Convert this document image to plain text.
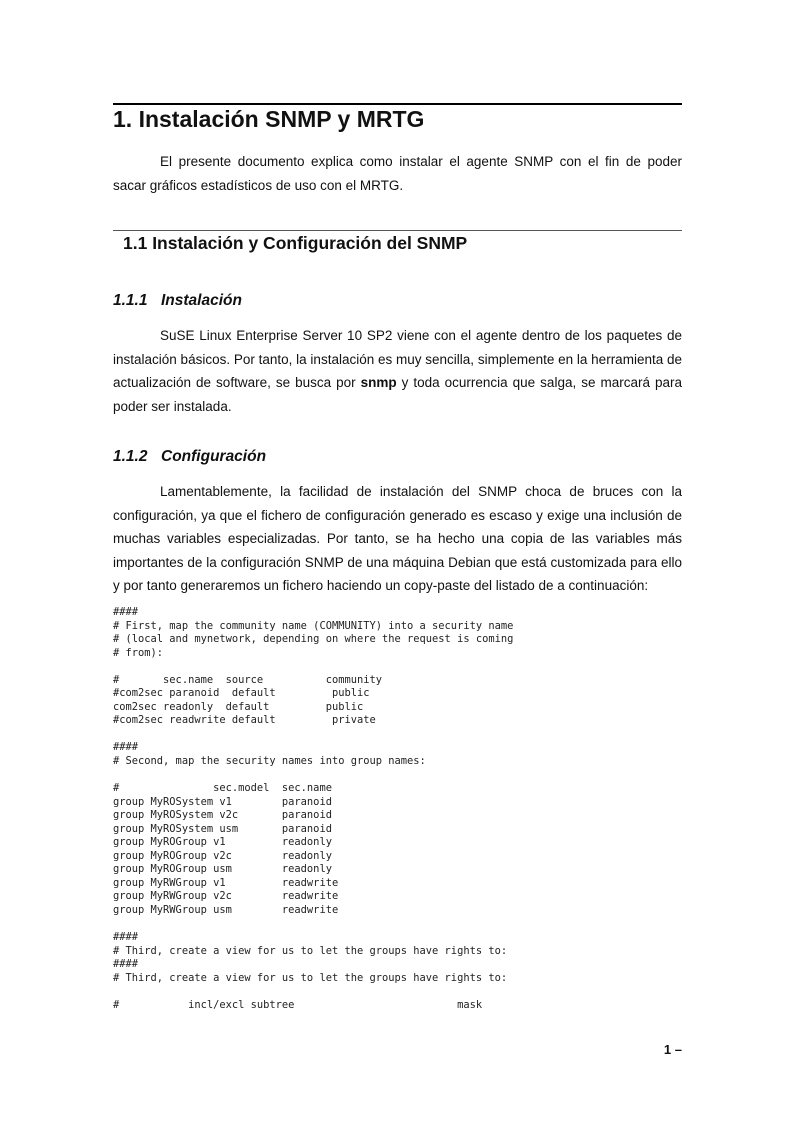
1. Instalación SNMP y MRTG

El presente documento explica como instalar el agente SNMP con el fin de poder sacar gráficos estadísticos de uso con el MRTG.

1.1 Instalación y Configuración del SNMP
1.1.1 Instalación

SuSE Linux Enterprise Server 10 SP2 viene con el agente dentro de los paquetes de instalación básicos. Por tanto, la instalación es muy sencilla, simplemente en la herramienta de actualización de software, se busca por snmp y toda ocurrencia que salga, se marcará para poder ser instalada.

1.1.2 Configuración

Lamentablemente, la facilidad de instalación del SNMP choca de bruces con la configuración, ya que el fichero de configuración generado es escaso y exige una inclusión de muchas variables especializadas. Por tanto, se ha hecho una copia de las variables más importantes de la configuración SNMP de una máquina Debian que está customizada para ello y por tanto generaremos un fichero haciendo un copy-paste del listado de a continuación:

####
# First, map the community name (COMMUNITY) into a security name
# (local and mynetwork, depending on where the request is coming
# from):

#       sec.name  source          community
#com2sec paranoid  default         public
com2sec readonly  default         public
#com2sec readwrite default         private

####
# Second, map the security names into group names:

#               sec.model  sec.name
group MyROSystem v1        paranoid
group MyROSystem v2c       paranoid
group MyROSystem usm       paranoid
group MyROGroup v1         readonly
group MyROGroup v2c        readonly
group MyROGroup usm        readonly
group MyRWGroup v1         readwrite
group MyRWGroup v2c        readwrite
group MyRWGroup usm        readwrite

####
# Third, create a view for us to let the groups have rights to:
####
# Third, create a view for us to let the groups have rights to:

#           incl/excl subtree                          mask
1 –
